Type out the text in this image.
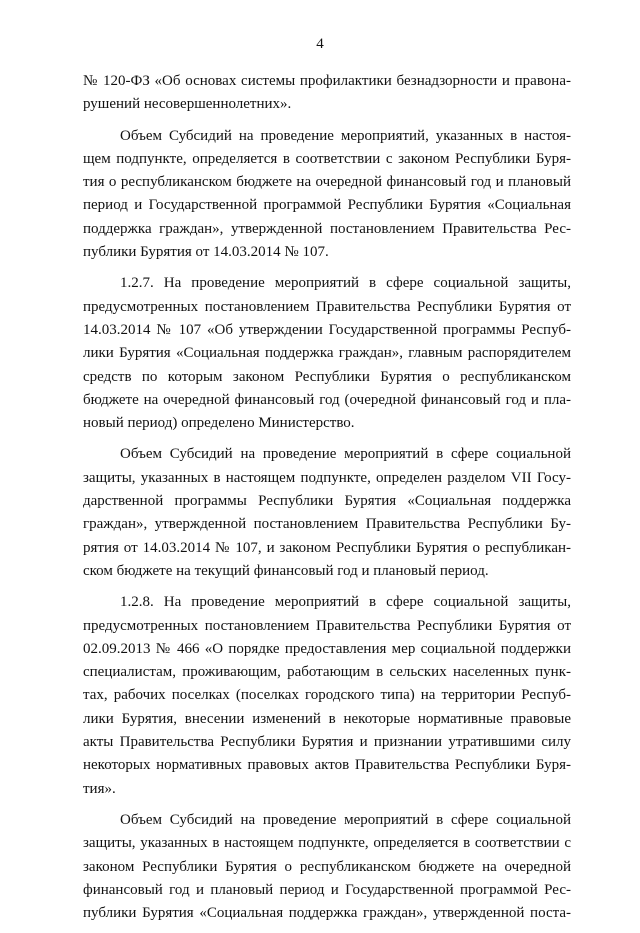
4
№ 120-ФЗ «Об основах системы профилактики безнадзорности и правона-
рушений несовершеннолетних».
Объем Субсидий на проведение мероприятий, указанных в настоя-
щем подпункте, определяется в соответствии с законом Республики Буря-
тия о республиканском бюджете на очередной финансовый год и плановый
период и Государственной программой Республики Бурятия «Социальная
поддержка граждан», утвержденной постановлением Правительства Рес-
публики Бурятия от 14.03.2014 № 107.
1.2.7. На проведение мероприятий в сфере социальной защиты,
предусмотренных постановлением Правительства Республики Бурятия от
14.03.2014 № 107 «Об утверждении Государственной программы Респуб-
лики Бурятия «Социальная поддержка граждан», главным распорядителем
средств по которым законом Республики Бурятия о республиканском
бюджете на очередной финансовый год (очередной финансовый год и пла-
новый период) определено Министерство.
Объем Субсидий на проведение мероприятий в сфере социальной
защиты, указанных в настоящем подпункте, определен разделом VII Госу-
дарственной программы Республики Бурятия «Социальная поддержка
граждан», утвержденной постановлением Правительства Республики Бу-
рятия от 14.03.2014 № 107, и законом Республики Бурятия о республикан-
ском бюджете на текущий финансовый год и плановый период.
1.2.8. На проведение мероприятий в сфере социальной защиты,
предусмотренных постановлением Правительства Республики Бурятия от
02.09.2013 № 466 «О порядке предоставления мер социальной поддержки
специалистам, проживающим, работающим в сельских населенных пунк-
тах, рабочих поселках (поселках городского типа) на территории Респуб-
лики Бурятия, внесении изменений в некоторые нормативные правовые
акты Правительства Республики Бурятия и признании утратившими силу
некоторых нормативных правовых актов Правительства Республики Буря-
тия».
Объем Субсидий на проведение мероприятий в сфере социальной
защиты, указанных в настоящем подпункте, определяется в соответствии с
законом Республики Бурятия о республиканском бюджете на очередной
финансовый год и плановый период и Государственной программой Рес-
публики Бурятия «Социальная поддержка граждан», утвержденной поста-
